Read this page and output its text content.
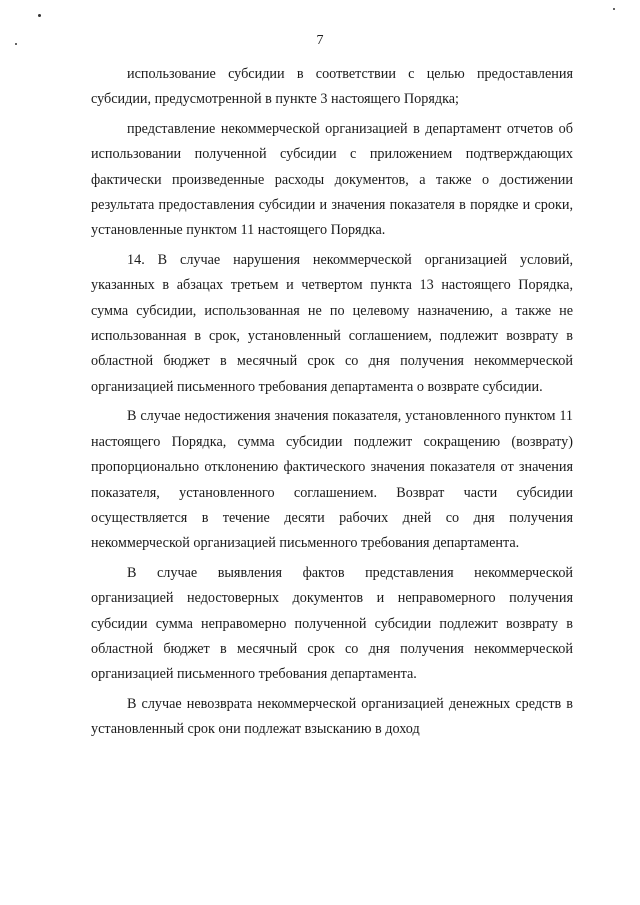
7

использование субсидии в соответствии с целью предоставления субсидии, предусмотренной в пункте 3 настоящего Порядка;

представление некоммерческой организацией в департамент отчетов об использовании полученной субсидии с приложением подтверждающих фактически произведенные расходы документов, а также о достижении результата предоставления субсидии и значения показателя в порядке и сроки, установленные пунктом 11 настоящего Порядка.

14. В случае нарушения некоммерческой организацией условий, указанных в абзацах третьем и четвертом пункта 13 настоящего Порядка, сумма субсидии, использованная не по целевому назначению, а также не использованная в срок, установленный соглашением, подлежит возврату в областной бюджет в месячный срок со дня получения некоммерческой организацией письменного требования департамента о возврате субсидии.

В случае недостижения значения показателя, установленного пунктом 11 настоящего Порядка, сумма субсидии подлежит сокращению (возврату) пропорционально отклонению фактического значения показателя от значения показателя, установленного соглашением. Возврат части субсидии осуществляется в течение десяти рабочих дней со дня получения некоммерческой организацией письменного требования департамента.

В случае выявления фактов представления некоммерческой организацией недостоверных документов и неправомерного получения субсидии сумма неправомерно полученной субсидии подлежит возврату в областной бюджет в месячный срок со дня получения некоммерческой организацией письменного требования департамента.

В случае невозврата некоммерческой организацией денежных средств в установленный срок они подлежат взысканию в доход
